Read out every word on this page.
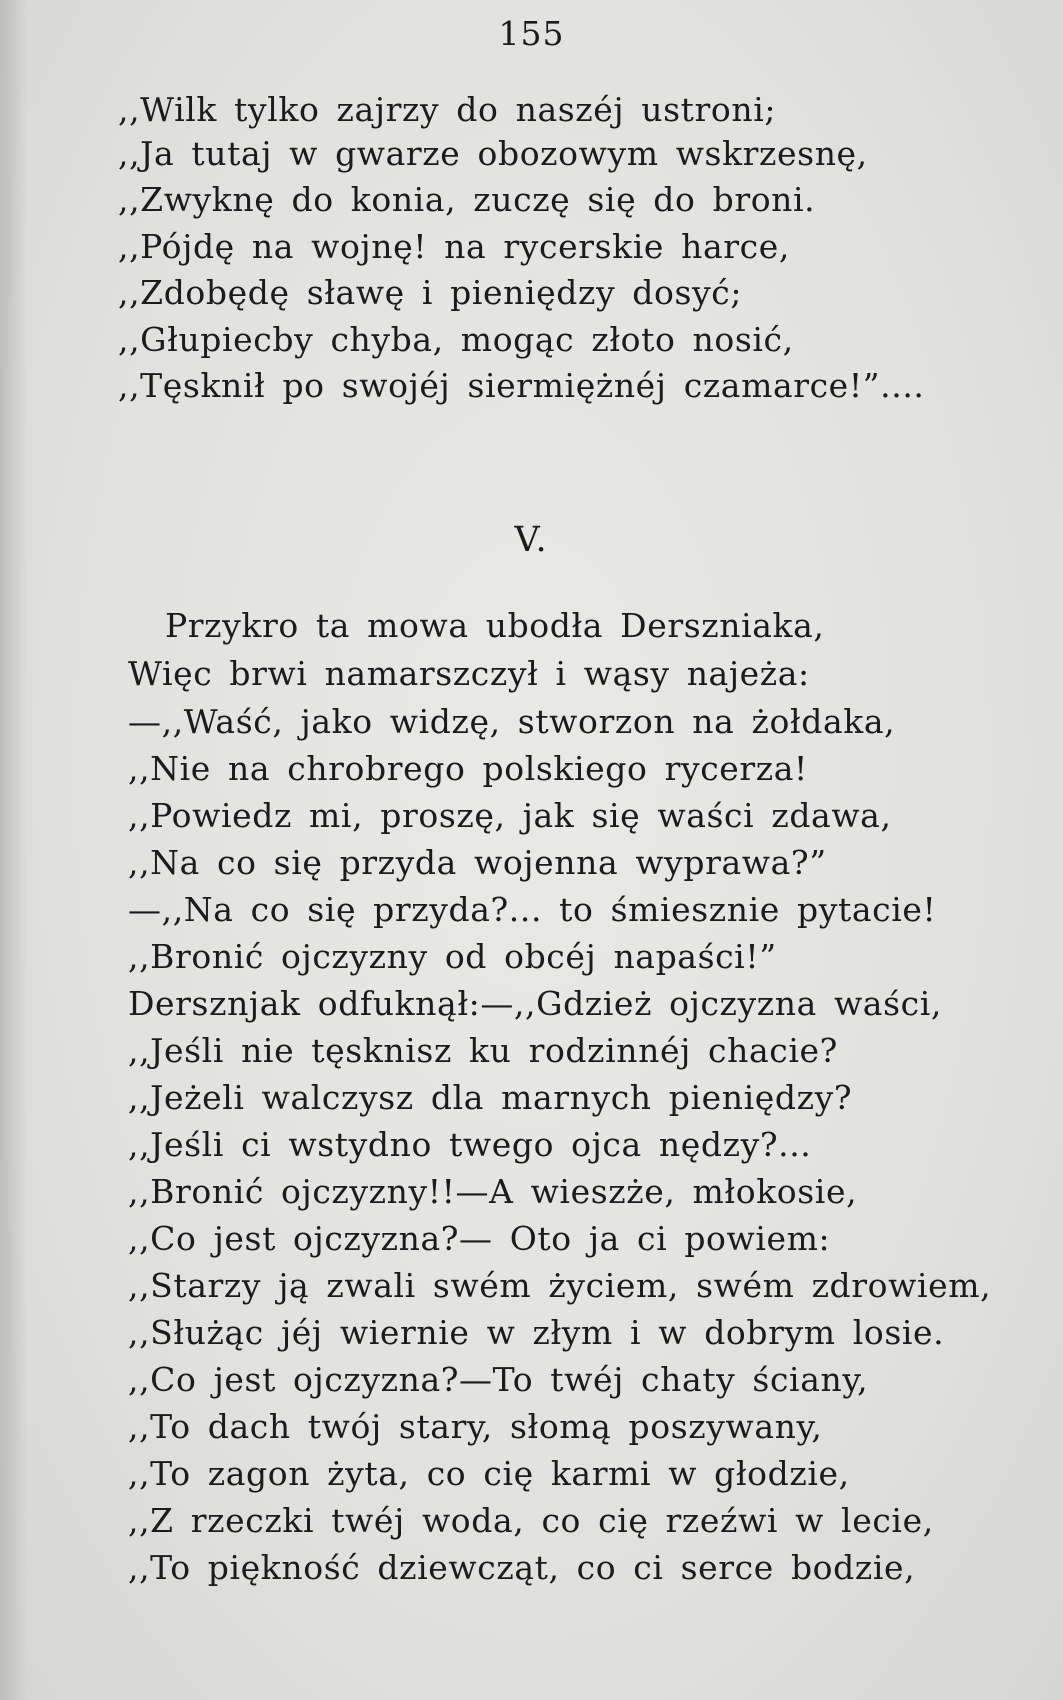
155
,,Wilk tylko zajrzy do naszéj ustroni;
,,Ja tutaj w gwarze obozowym wskrzesnę,
,,Zwyknę do konia, zuczę się do broni.
,,Pójdę na wojnę! na rycerskie harce,
,,Zdobędę sławę i pieniędzy dosyć;
,,Głupiecby chyba, mogąc złoto nosić,
,,Tęsknił po swojéj siermiężnéj czamarce!”....
V.
Przykro ta mowa ubodła Derszniaka,
Więc brwi namarszczył i wąsy najeża:
—,,Waść, jako widzę, stworzon na żołdaka,
,,Nie na chrobrego polskiego rycerza!
,,Powiedz mi, proszę, jak się waści zdawa,
,,Na co się przyda wojenna wyprawa?”
—,,Na co się przyda?... to śmiesznie pytacie!
,,Bronić ojczyzny od obcéj napaści!”
Dersznjak odfuknął:—,,Gdzież ojczyzna waści,
,,Jeśli nie tęsknisz ku rodzinnéj chacie?
,,Jeżeli walczysz dla marnych pieniędzy?
,,Jeśli ci wstydno twego ojca nędzy?...
,,Bronić ojczyzny!!—A wieszże, młokosie,
,,Co jest ojczyzna?— Oto ja ci powiem:
,,Starzy ją zwali swém życiem, swém zdrowiem,
,,Służąc jéj wiernie w złym i w dobrym losie.
,,Co jest ojczyzna?—To twéj chaty ściany,
,,To dach twój stary, słomą poszywany,
,,To zagon żyta, co cię karmi w głodzie,
,,Z rzeczki twéj woda, co cię rzeźwi w lecie,
,,To piękność dziewcząt, co ci serce bodzie,
